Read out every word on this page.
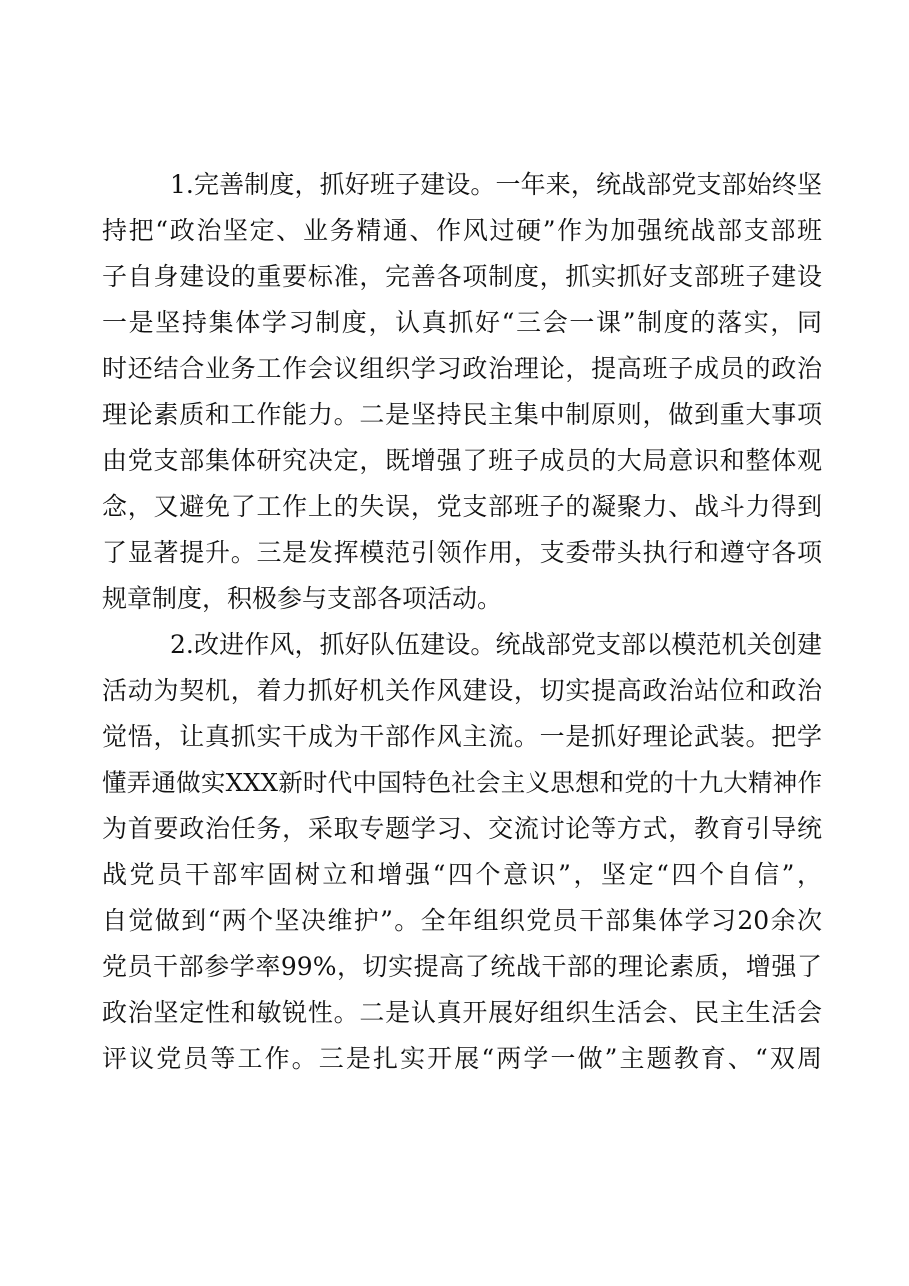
1.完善制度，抓好班子建设。一年来，统战部党支部始终坚
持把“政治坚定、业务精通、作风过硬”作为加强统战部支部班
子自身建设的重要标准，完善各项制度，抓实抓好支部班子建设
一是坚持集体学习制度，认真抓好“三会一课”制度的落实，同
时还结合业务工作会议组织学习政治理论，提高班子成员的政治
理论素质和工作能力。二是坚持民主集中制原则，做到重大事项
由党支部集体研究决定，既增强了班子成员的大局意识和整体观
念，又避免了工作上的失误，党支部班子的凝聚力、战斗力得到
了显著提升。三是发挥模范引领作用，支委带头执行和遵守各项
规章制度，积极参与支部各项活动。
2.改进作风，抓好队伍建设。统战部党支部以模范机关创建
活动为契机，着力抓好机关作风建设，切实提高政治站位和政治
觉悟，让真抓实干成为干部作风主流。一是抓好理论武装。把学
懂弄通做实XXX新时代中国特色社会主义思想和党的十九大精神作
为首要政治任务，采取专题学习、交流讨论等方式，教育引导统
战党员干部牢固树立和增强“四个意识”，坚定“四个自信”，
自觉做到“两个坚决维护”。全年组织党员干部集体学习20余次
党员干部参学率99%，切实提高了统战干部的理论素质，增强了
政治坚定性和敏锐性。二是认真开展好组织生活会、民主生活会
评议党员等工作。三是扎实开展“两学一做”主题教育、“双周
